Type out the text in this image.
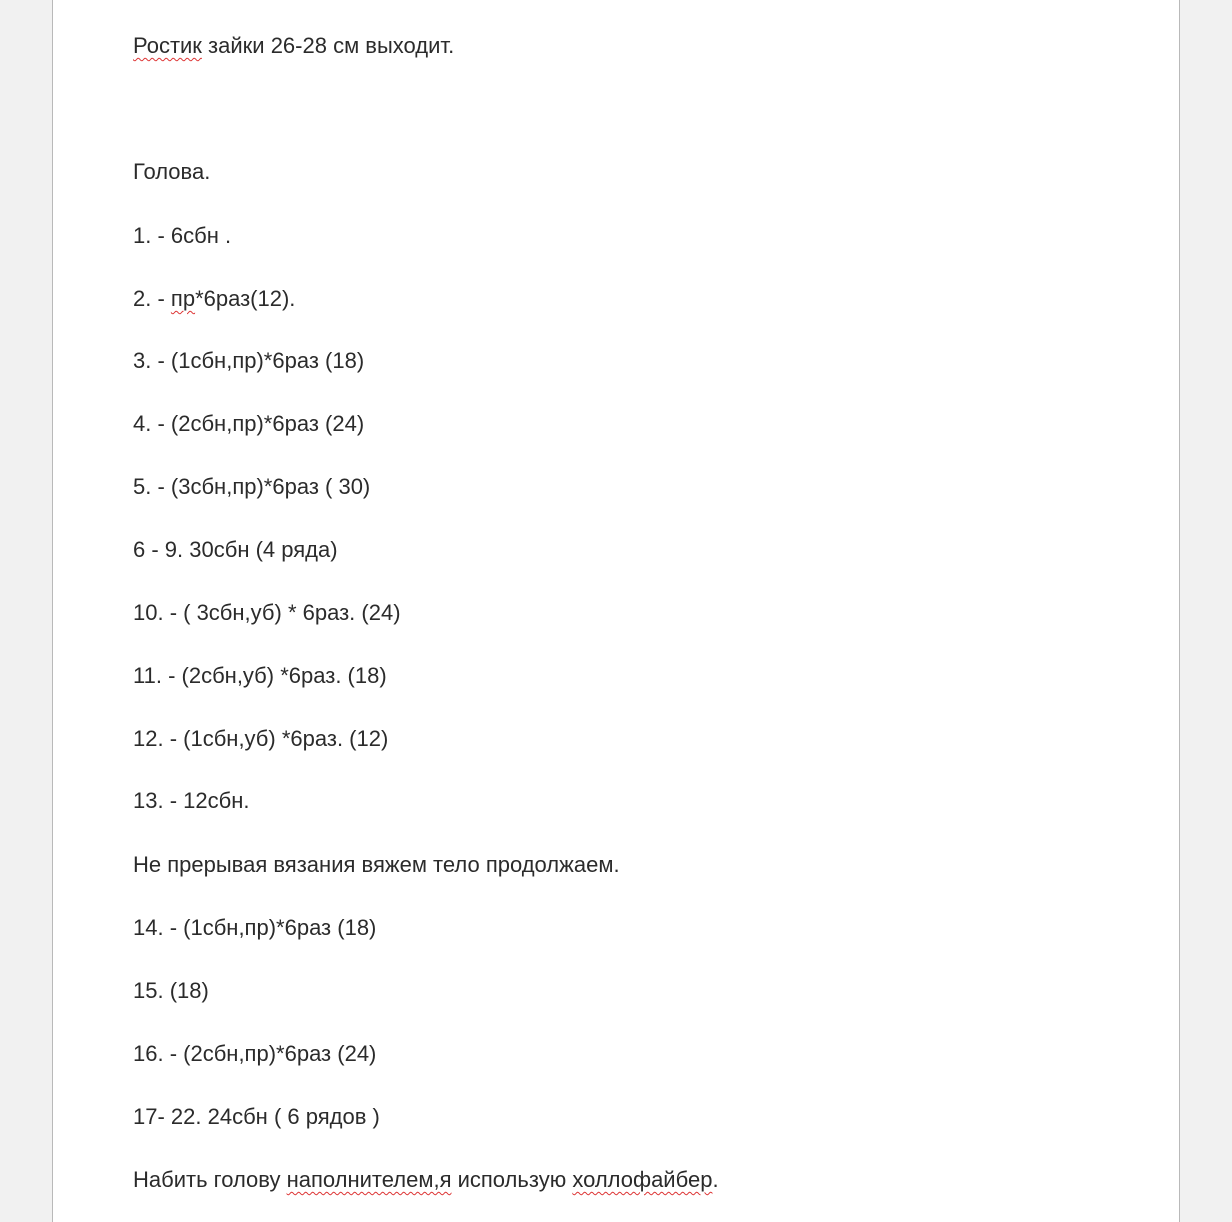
Ростик зайки 26-28 см выходит.

Голова.

1. - 6сбн .

2. - пр*6раз(12).

3. - (1сбн,пр)*6раз (18)

4. - (2сбн,пр)*6раз (24)

5. - (3сбн,пр)*6раз ( 30)

6 - 9. 30сбн (4 ряда)

10. - ( 3сбн,уб) * 6раз. (24)

11. - (2сбн,уб) *6раз. (18)

12. - (1сбн,уб) *6раз. (12)

13. - 12сбн.

Не прерывая вязания вяжем тело продолжаем.

14. - (1сбн,пр)*6раз (18)

15. (18)

16. - (2сбн,пр)*6раз (24)

17- 22. 24сбн ( 6 рядов )

Набить голову наполнителем,я использую холлофайбер.
